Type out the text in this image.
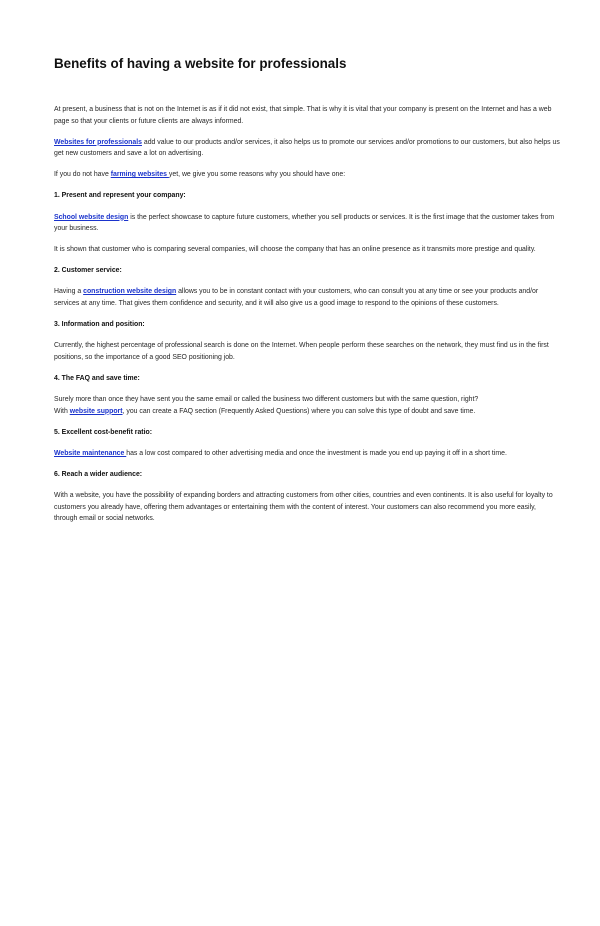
Benefits of having a website for professionals

At present, a business that is not on the Internet is as if it did not exist, that simple. That is why it is vital that your company is present on the Internet and has a web page so that your clients or future clients are always informed.

Websites for professionals add value to our products and/or services, it also helps us to promote our services and/or promotions to our customers, but also helps us get new customers and save a lot on advertising.

If you do not have farming websites yet, we give you some reasons why you should have one:

1. Present and represent your company:

School website design is the perfect showcase to capture future customers, whether you sell products or services. It is the first image that the customer takes from your business.

It is shown that customer who is comparing several companies, will choose the company that has an online presence as it transmits more prestige and quality.

2. Customer service:

Having a construction website design allows you to be in constant contact with your customers, who can consult you at any time or see your products and/or services at any time. That gives them confidence and security, and it will also give us a good image to respond to the opinions of these customers.

3. Information and position:

Currently, the highest percentage of professional search is done on the Internet. When people perform these searches on the network, they must find us in the first positions, so the importance of a good SEO positioning job.

4. The FAQ and save time:

Surely more than once they have sent you the same email or called the business two different customers but with the same question, right?
With website support, you can create a FAQ section (Frequently Asked Questions) where you can solve this type of doubt and save time.

5. Excellent cost-benefit ratio:

Website maintenance has a low cost compared to other advertising media and once the investment is made you end up paying it off in a short time.

6. Reach a wider audience:

With a website, you have the possibility of expanding borders and attracting customers from other cities, countries and even continents. It is also useful for loyalty to customers you already have, offering them advantages or entertaining them with the content of interest. Your customers can also recommend you more easily, through email or social networks.
